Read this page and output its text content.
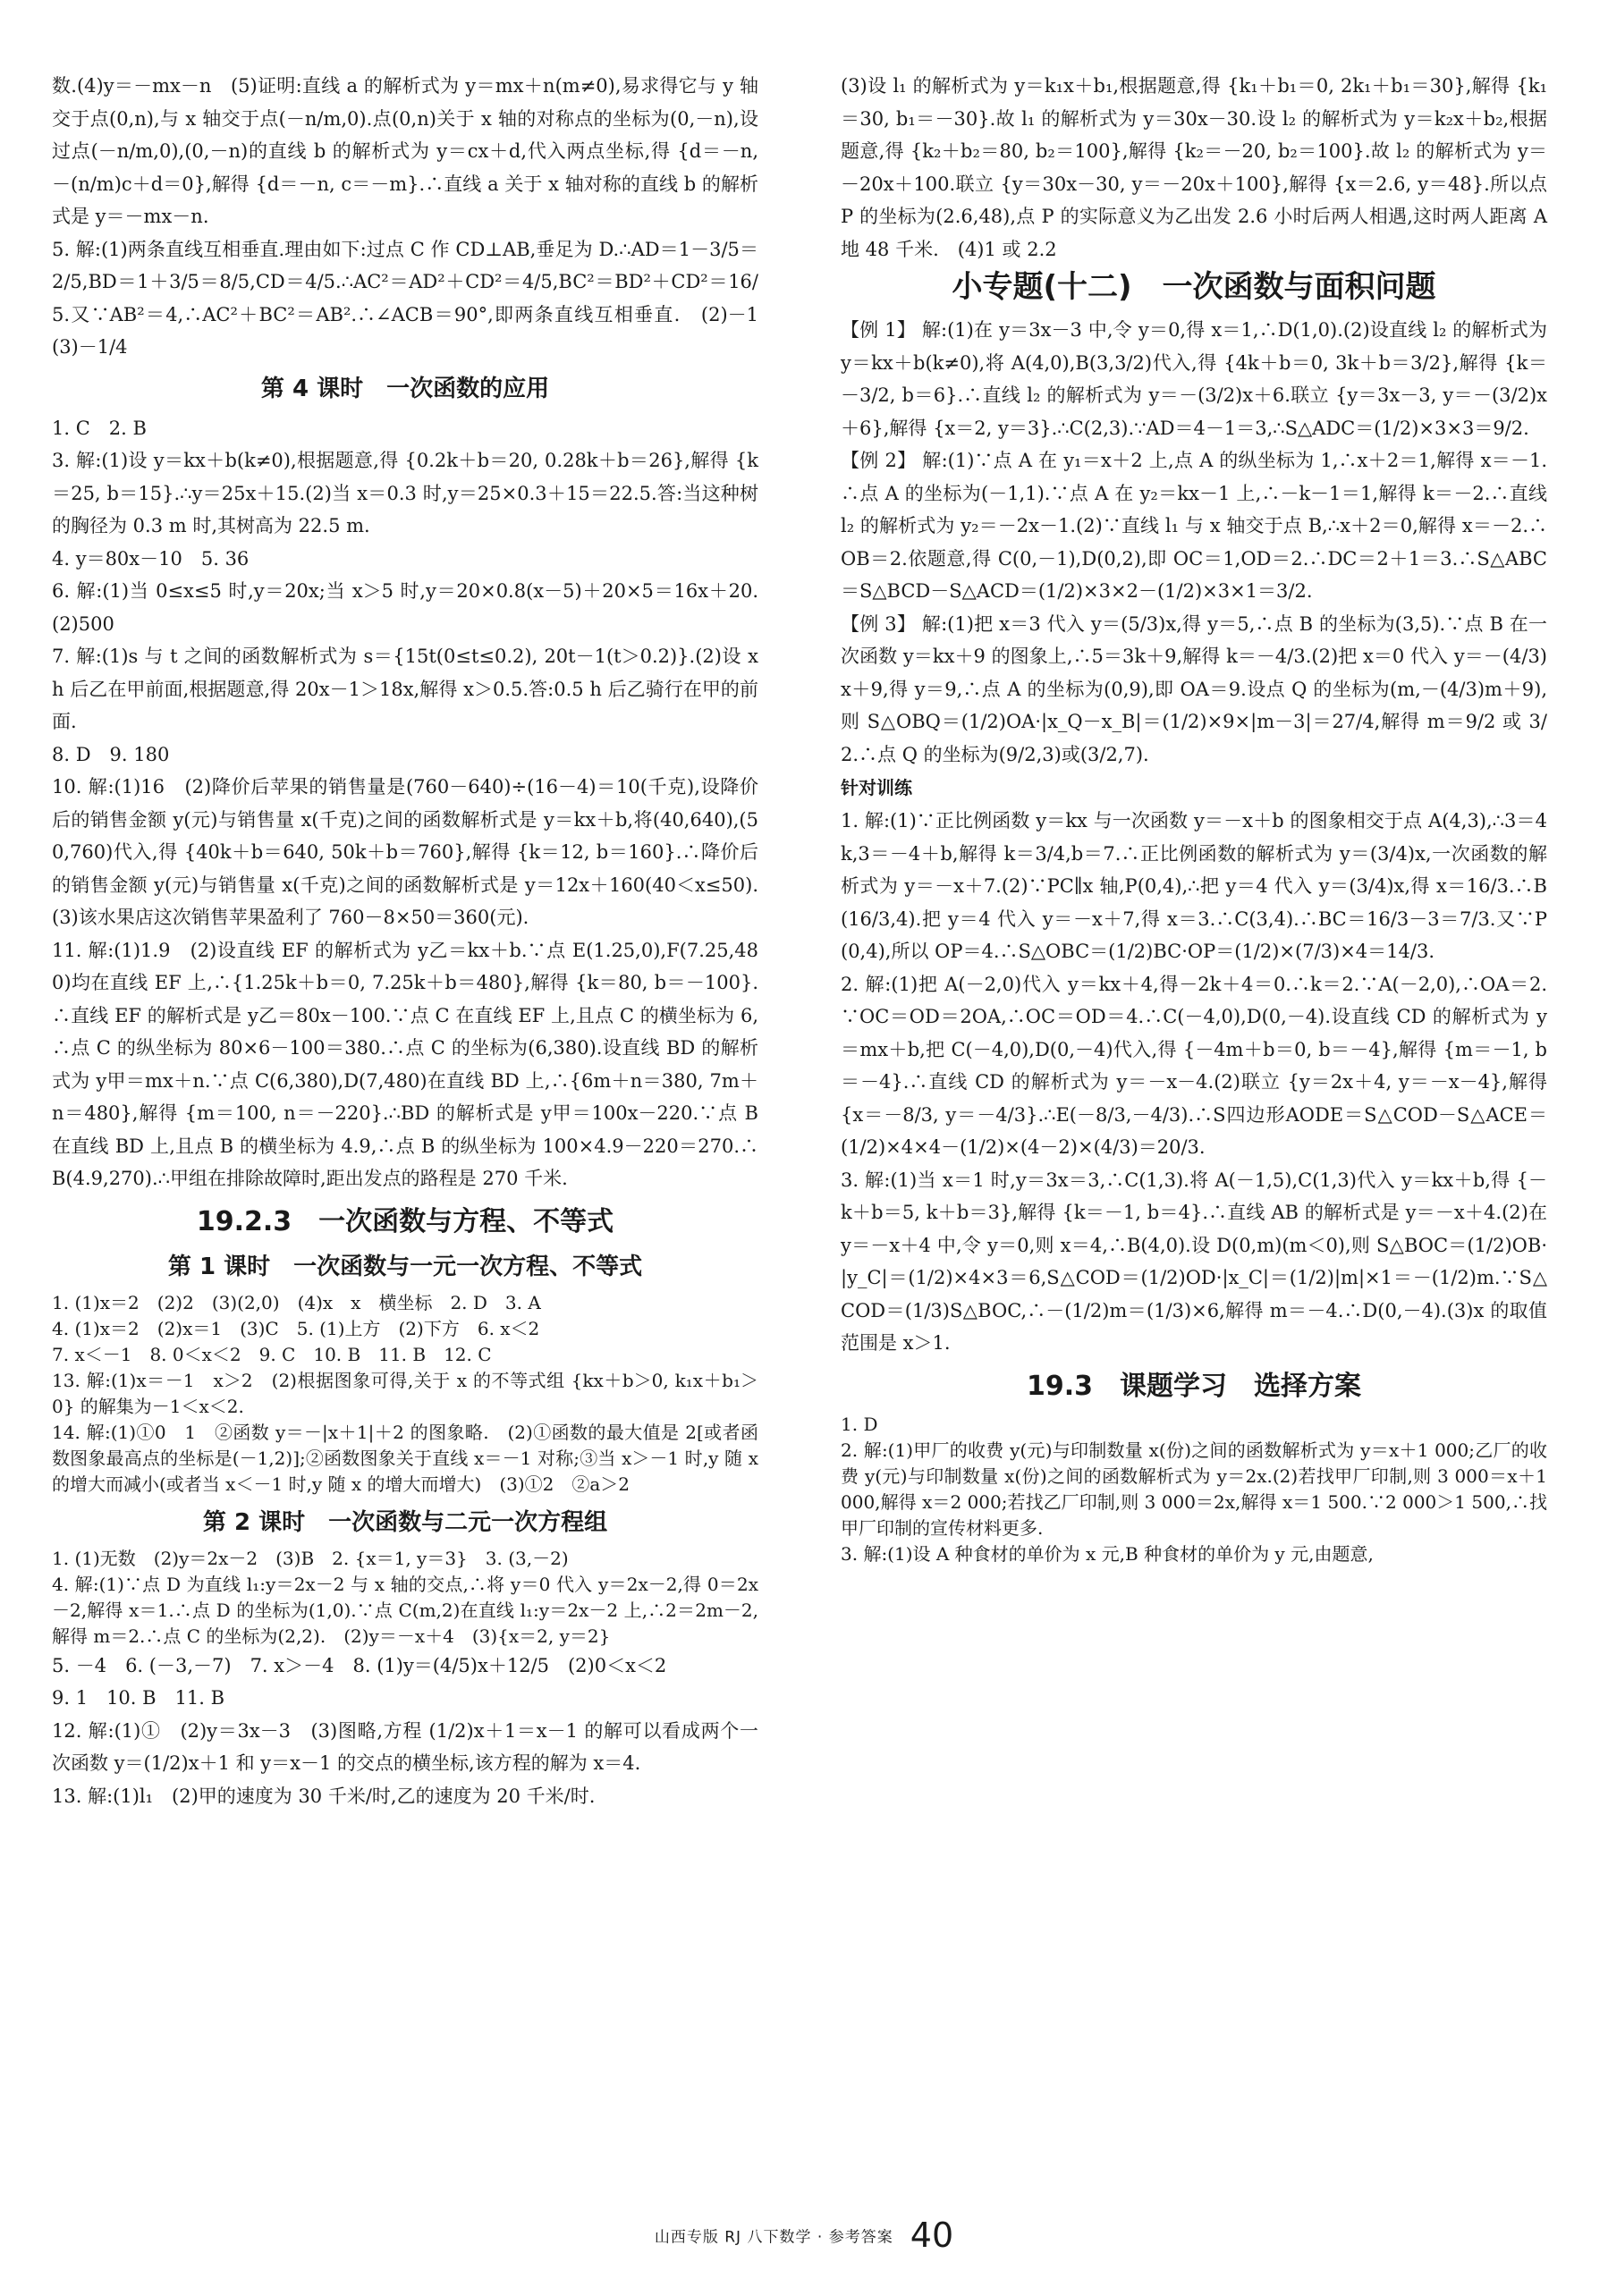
数.(4)y＝－mx－n　(5)证明:直线 a 的解析式为 y＝mx＋n(m≠0),易求得它与 y 轴交于点(0,n),与 x 轴交于点(－n/m,0).点(0,n)关于 x 轴的对称点的坐标为(0,－n),设过点(－n/m,0),(0,－n)的直线 b 的解析式为 y＝cx＋d,代入两点坐标,得 {d＝－n, －(n/m)c＋d＝0},解得 {d＝－n, c＝－m}.∴直线 a 关于 x 轴对称的直线 b 的解析式是 y＝－mx－n.

5. 解:(1)两条直线互相垂直.理由如下:过点 C 作 CD⊥AB,垂足为 D.∴AD＝1－3/5＝2/5,BD＝1＋3/5＝8/5,CD＝4/5.∴AC²＝AD²＋CD²＝4/5,BC²＝BD²＋CD²＝16/5.又∵AB²＝4,∴AC²＋BC²＝AB².∴∠ACB＝90°,即两条直线互相垂直.　(2)－1　(3)－1/4

第 4 课时　一次函数的应用

1. C　2. B

3. 解:(1)设 y＝kx＋b(k≠0),根据题意,得 {0.2k＋b＝20, 0.28k＋b＝26},解得 {k＝25, b＝15}.∴y＝25x＋15.(2)当 x＝0.3 时,y＝25×0.3＋15＝22.5.答:当这种树的胸径为 0.3 m 时,其树高为 22.5 m.

4. y＝80x－10　5. 36

6. 解:(1)当 0≤x≤5 时,y＝20x;当 x＞5 时,y＝20×0.8(x－5)＋20×5＝16x＋20.　(2)500

7. 解:(1)s 与 t 之间的函数解析式为 s＝{15t(0≤t≤0.2), 20t－1(t＞0.2)}.(2)设 x h 后乙在甲前面,根据题意,得 20x－1＞18x,解得 x＞0.5.答:0.5 h 后乙骑行在甲的前面.

8. D　9. 180

10. 解:(1)16　(2)降价后苹果的销售量是(760－640)÷(16－4)＝10(千克),设降价后的销售金额 y(元)与销售量 x(千克)之间的函数解析式是 y＝kx＋b,将(40,640),(50,760)代入,得 {40k＋b＝640, 50k＋b＝760},解得 {k＝12, b＝160}.∴降价后的销售金额 y(元)与销售量 x(千克)之间的函数解析式是 y＝12x＋160(40＜x≤50).(3)该水果店这次销售苹果盈利了 760－8×50＝360(元).

11. 解:(1)1.9　(2)设直线 EF 的解析式为 y乙＝kx＋b.∵点 E(1.25,0),F(7.25,480)均在直线 EF 上,∴{1.25k＋b＝0, 7.25k＋b＝480},解得 {k＝80, b＝－100}.∴直线 EF 的解析式是 y乙＝80x－100.∵点 C 在直线 EF 上,且点 C 的横坐标为 6,∴点 C 的纵坐标为 80×6－100＝380.∴点 C 的坐标为(6,380).设直线 BD 的解析式为 y甲＝mx＋n.∵点 C(6,380),D(7,480)在直线 BD 上,∴{6m＋n＝380, 7m＋n＝480},解得 {m＝100, n＝－220}.∴BD 的解析式是 y甲＝100x－220.∵点 B 在直线 BD 上,且点 B 的横坐标为 4.9,∴点 B 的纵坐标为 100×4.9－220＝270.∴B(4.9,270).∴甲组在排除故障时,距出发点的路程是 270 千米.

19.2.3　一次函数与方程、不等式
第 1 课时　一次函数与一元一次方程、不等式

1. (1)x＝2　(2)2　(3)(2,0)　(4)x　x　横坐标　2. D　3. A

4. (1)x＝2　(2)x＝1　(3)C　5. (1)上方　(2)下方　6. x＜2

7. x＜－1　8. 0＜x＜2　9. C　10. B　11. B　12. C

13. 解:(1)x＝－1　x＞2　(2)根据图象可得,关于 x 的不等式组 {kx＋b＞0, k₁x＋b₁＞0} 的解集为－1＜x＜2.

14. 解:(1)①0　1　②函数 y＝－|x＋1|＋2 的图象略.　(2)①函数的最大值是 2[或者函数图象最高点的坐标是(－1,2)];②函数图象关于直线 x＝－1 对称;③当 x＞－1 时,y 随 x 的增大而减小(或者当 x＜－1 时,y 随 x 的增大而增大)　(3)①2　②a＞2

第 2 课时　一次函数与二元一次方程组

1. (1)无数　(2)y＝2x－2　(3)B　2. {x＝1, y＝3}　3. (3,－2)

4. 解:(1)∵点 D 为直线 l₁:y＝2x－2 与 x 轴的交点,∴将 y＝0 代入 y＝2x－2,得 0＝2x－2,解得 x＝1.∴点 D 的坐标为(1,0).∵点 C(m,2)在直线 l₁:y＝2x－2 上,∴2＝2m－2,解得 m＝2.∴点 C 的坐标为(2,2).　(2)y＝－x＋4　(3){x＝2, y＝2}

5. －4　6. (－3,－7)　7. x＞－4　8. (1)y＝(4/5)x＋12/5　(2)0＜x＜2

9. 1　10. B　11. B

12. 解:(1)①　(2)y＝3x－3　(3)图略,方程 (1/2)x＋1＝x－1 的解可以看成两个一次函数 y＝(1/2)x＋1 和 y＝x－1 的交点的横坐标,该方程的解为 x＝4.

13. 解:(1)l₁　(2)甲的速度为 30 千米/时,乙的速度为 20 千米/时.

(3)设 l₁ 的解析式为 y＝k₁x＋b₁,根据题意,得 {k₁＋b₁＝0, 2k₁＋b₁＝30},解得 {k₁＝30, b₁＝－30}.故 l₁ 的解析式为 y＝30x－30.设 l₂ 的解析式为 y＝k₂x＋b₂,根据题意,得 {k₂＋b₂＝80, b₂＝100},解得 {k₂＝－20, b₂＝100}.故 l₂ 的解析式为 y＝－20x＋100.联立 {y＝30x－30, y＝－20x＋100},解得 {x＝2.6, y＝48}.所以点 P 的坐标为(2.6,48),点 P 的实际意义为乙出发 2.6 小时后两人相遇,这时两人距离 A 地 48 千米.　(4)1 或 2.2

小专题(十二)　一次函数与面积问题

【例 1】 解:(1)在 y＝3x－3 中,令 y＝0,得 x＝1,∴D(1,0).(2)设直线 l₂ 的解析式为 y＝kx＋b(k≠0),将 A(4,0),B(3,3/2)代入,得 {4k＋b＝0, 3k＋b＝3/2},解得 {k＝－3/2, b＝6}.∴直线 l₂ 的解析式为 y＝－(3/2)x＋6.联立 {y＝3x－3, y＝－(3/2)x＋6},解得 {x＝2, y＝3}.∴C(2,3).∵AD＝4－1＝3,∴S△ADC＝(1/2)×3×3＝9/2.

【例 2】 解:(1)∵点 A 在 y₁＝x＋2 上,点 A 的纵坐标为 1,∴x＋2＝1,解得 x＝－1.∴点 A 的坐标为(－1,1).∵点 A 在 y₂＝kx－1 上,∴－k－1＝1,解得 k＝－2.∴直线 l₂ 的解析式为 y₂＝－2x－1.(2)∵直线 l₁ 与 x 轴交于点 B,∴x＋2＝0,解得 x＝－2.∴OB＝2.依题意,得 C(0,－1),D(0,2),即 OC＝1,OD＝2.∴DC＝2＋1＝3.∴S△ABC＝S△BCD－S△ACD＝(1/2)×3×2－(1/2)×3×1＝3/2.

【例 3】 解:(1)把 x＝3 代入 y＝(5/3)x,得 y＝5,∴点 B 的坐标为(3,5).∵点 B 在一次函数 y＝kx＋9 的图象上,∴5＝3k＋9,解得 k＝－4/3.(2)把 x＝0 代入 y＝－(4/3)x＋9,得 y＝9,∴点 A 的坐标为(0,9),即 OA＝9.设点 Q 的坐标为(m,－(4/3)m＋9),则 S△OBQ＝(1/2)OA·|x_Q－x_B|＝(1/2)×9×|m－3|＝27/4,解得 m＝9/2 或 3/2.∴点 Q 的坐标为(9/2,3)或(3/2,7).

针对训练

1. 解:(1)∵正比例函数 y＝kx 与一次函数 y＝－x＋b 的图象相交于点 A(4,3),∴3＝4k,3＝－4＋b,解得 k＝3/4,b＝7.∴正比例函数的解析式为 y＝(3/4)x,一次函数的解析式为 y＝－x＋7.(2)∵PC∥x 轴,P(0,4),∴把 y＝4 代入 y＝(3/4)x,得 x＝16/3.∴B(16/3,4).把 y＝4 代入 y＝－x＋7,得 x＝3.∴C(3,4).∴BC＝16/3－3＝7/3.又∵P(0,4),所以 OP＝4.∴S△OBC＝(1/2)BC·OP＝(1/2)×(7/3)×4＝14/3.

2. 解:(1)把 A(－2,0)代入 y＝kx＋4,得－2k＋4＝0.∴k＝2.∵A(－2,0),∴OA＝2.∵OC＝OD＝2OA,∴OC＝OD＝4.∴C(－4,0),D(0,－4).设直线 CD 的解析式为 y＝mx＋b,把 C(－4,0),D(0,－4)代入,得 {－4m＋b＝0, b＝－4},解得 {m＝－1, b＝－4}.∴直线 CD 的解析式为 y＝－x－4.(2)联立 {y＝2x＋4, y＝－x－4},解得 {x＝－8/3, y＝－4/3}.∴E(－8/3,－4/3).∴S四边形AODE＝S△COD－S△ACE＝(1/2)×4×4－(1/2)×(4－2)×(4/3)＝20/3.

3. 解:(1)当 x＝1 时,y＝3x＝3,∴C(1,3).将 A(－1,5),C(1,3)代入 y＝kx＋b,得 {－k＋b＝5, k＋b＝3},解得 {k＝－1, b＝4}.∴直线 AB 的解析式是 y＝－x＋4.(2)在 y＝－x＋4 中,令 y＝0,则 x＝4,∴B(4,0).设 D(0,m)(m＜0),则 S△BOC＝(1/2)OB·|y_C|＝(1/2)×4×3＝6,S△COD＝(1/2)OD·|x_C|＝(1/2)|m|×1＝－(1/2)m.∵S△COD＝(1/3)S△BOC,∴－(1/2)m＝(1/3)×6,解得 m＝－4.∴D(0,－4).(3)x 的取值范围是 x＞1.

19.3　课题学习　选择方案

1. D

2. 解:(1)甲厂的收费 y(元)与印制数量 x(份)之间的函数解析式为 y＝x＋1 000;乙厂的收费 y(元)与印制数量 x(份)之间的函数解析式为 y＝2x.(2)若找甲厂印制,则 3 000＝x＋1 000,解得 x＝2 000;若找乙厂印制,则 3 000＝2x,解得 x＝1 500.∵2 000＞1 500,∴找甲厂印制的宣传材料更多.

3. 解:(1)设 A 种食材的单价为 x 元,B 种食材的单价为 y 元,由题意,

山西专版 RJ 八下数学 · 参考答案 40
